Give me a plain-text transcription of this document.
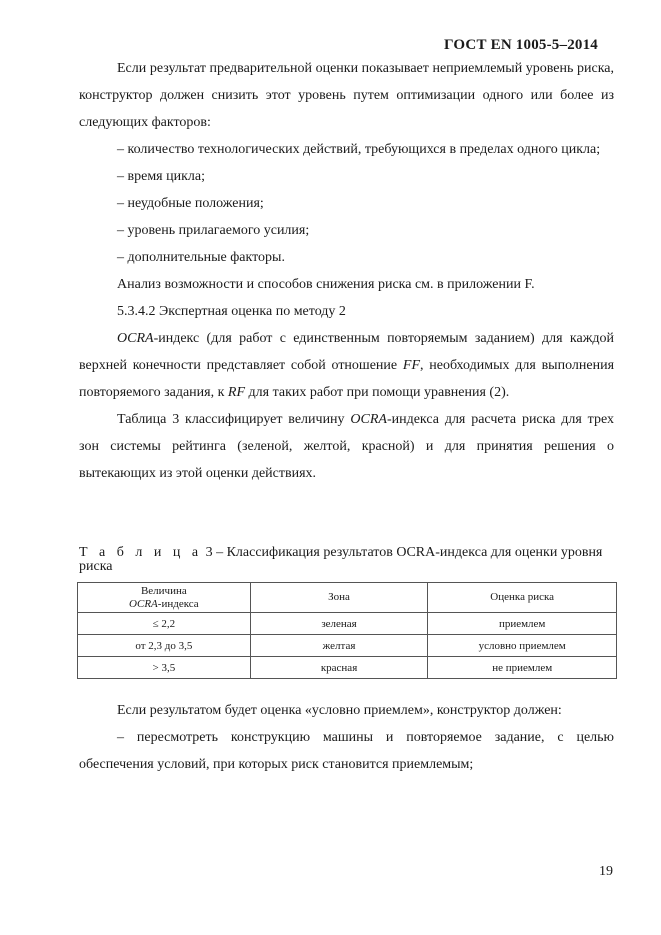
ГОСТ EN 1005-5–2014

Если результат предварительной оценки показывает неприемлемый уровень риска, конструктор должен снизить этот уровень путем оптимизации одного или более из следующих факторов:

– количество технологических действий, требующихся в пределах одного цикла;

– время цикла;

– неудобные положения;

– уровень прилагаемого усилия;

– дополнительные факторы.

Анализ возможности и способов снижения риска см. в приложении F.

5.3.4.2 Экспертная оценка по методу 2

OCRA-индекс (для работ с единственным повторяемым заданием) для каждой верхней конечности представляет собой отношение FF, необходимых для выполнения повторяемого задания, к RF для таких работ при помощи уравнения (2).

Таблица 3 классифицирует величину OCRA-индекса для расчета риска для трех зон системы рейтинга (зеленой, желтой, красной) и для принятия решения о вытекающих из этой оценки действиях.

Т а б л и ц а 3 – Классификация результатов OCRA-индекса для оценки уровня риска
Величина
OCRA-индекса	Зона	Оценка риска
≤ 2,2	зеленая	приемлем
от 2,3 до 3,5	желтая	условно приемлем
> 3,5	красная	не приемлем

Если результатом будет оценка «условно приемлем», конструктор должен:

– пересмотреть конструкцию машины и повторяемое задание, с целью обеспечения условий, при которых риск становится приемлемым;

19
